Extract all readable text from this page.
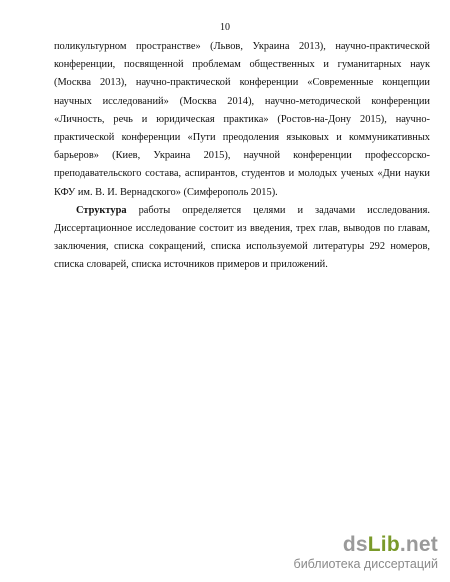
10
поликультурном пространстве» (Львов, Украина 2013), научно-практической
конференции, посвященной проблемам общественных и гуманитарных наук
(Москва 2013), научно-практической конференции «Современные концепции
научных исследований» (Москва 2014), научно-методической конференции
«Личность, речь и юридическая практика» (Ростов-на-Дону 2015), научно-
практической конференции «Пути преодоления языковых и коммуникативных
барьеров» (Киев, Украина 2015), научной конференции профессорско-
преподавательского состава, аспирантов, студентов и молодых ученых «Дни науки
КФУ им. В. И. Вернадского» (Симферополь 2015).
Структура работы определяется целями и задачами исследования.
Диссертационное исследование состоит из введения, трех глав, выводов по главам,
заключения, списка сокращений, списка используемой литературы 292 номеров,
списка словарей, списка источников примеров и приложений.
dsLib.net
библиотека диссертаций
